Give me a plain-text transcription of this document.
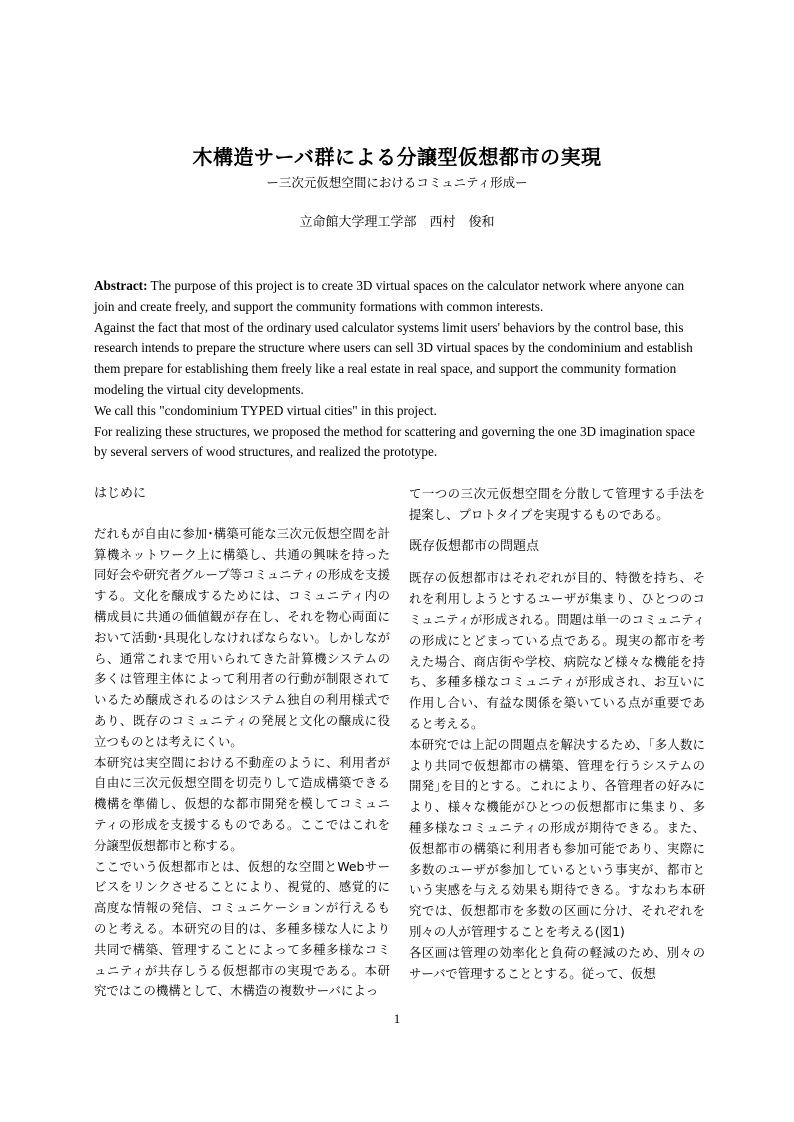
木構造サーバ群による分譲型仮想都市の実現
ー三次元仮想空間におけるコミュニティ形成ー
立命館大学理工学部　西村　俊和

Abstract: The purpose of this project is to create 3D virtual spaces on the calculator network where anyone can join and create freely, and support the community formations with common interests.

Against the fact that most of the ordinary used calculator systems limit users' behaviors by the control base, this research intends to prepare the structure where users can sell 3D virtual spaces by the condominium and establish them prepare for establishing them freely like a real estate in real space, and support the community formation modeling the virtual city developments.

We call this "condominium TYPED virtual cities" in this project.

For realizing these structures, we proposed the method for scattering and governing the one 3D imagination space by several servers of wood structures, and realized the prototype.

はじめに

だれもが自由に参加･構築可能な三次元仮想空間を計算機ネットワーク上に構築し、共通の興味を持った同好会や研究者グループ等コミュニティの形成を支援する。文化を醸成するためには、コミュニティ内の構成員に共通の価値観が存在し、それを物心両面において活動･具現化しなければならない。しかしながら、通常これまで用いられてきた計算機システムの多くは管理主体によって利用者の行動が制限されているため醸成されるのはシステム独自の利用様式であり、既存のコミュニティの発展と文化の醸成に役立つものとは考えにくい。

本研究は実空間における不動産のように、利用者が自由に三次元仮想空間を切売りして造成構築できる機構を準備し、仮想的な都市開発を模してコミュニティの形成を支援するものである。ここではこれを分譲型仮想都市と称する。

ここでいう仮想都市とは、仮想的な空間とWebサービスをリンクさせることにより、視覚的、感覚的に高度な情報の発信、コミュニケーションが行えるものと考える。本研究の目的は、多種多様な人により共同で構築、管理することによって多種多様なコミュニティが共存しうる仮想都市の実現である。本研究ではこの機構として、木構造の複数サーバによっ

て一つの三次元仮想空間を分散して管理する手法を提案し、プロトタイプを実現するものである。

既存仮想都市の問題点

既存の仮想都市はそれぞれが目的、特徴を持ち、それを利用しようとするユーザが集まり、ひとつのコミュニティが形成される。問題は単一のコミュニティの形成にとどまっている点である。現実の都市を考えた場合、商店街や学校、病院など様々な機能を持ち、多種多様なコミュニティが形成され、お互いに作用し合い、有益な関係を築いている点が重要であると考える。

本研究では上記の問題点を解決するため、｢多人数により共同で仮想都市の構築、管理を行うシステムの開発｣を目的とする。これにより、各管理者の好みにより、様々な機能がひとつの仮想都市に集まり、多種多様なコミュニティの形成が期待できる。また、仮想都市の構築に利用者も参加可能であり、実際に多数のユーザが参加しているという事実が、都市という実感を与える効果も期待できる。すなわち本研究では、仮想都市を多数の区画に分け、それぞれを別々の人が管理することを考える(図1)

各区画は管理の効率化と負荷の軽減のため、別々のサーバで管理することとする。従って、仮想

1
